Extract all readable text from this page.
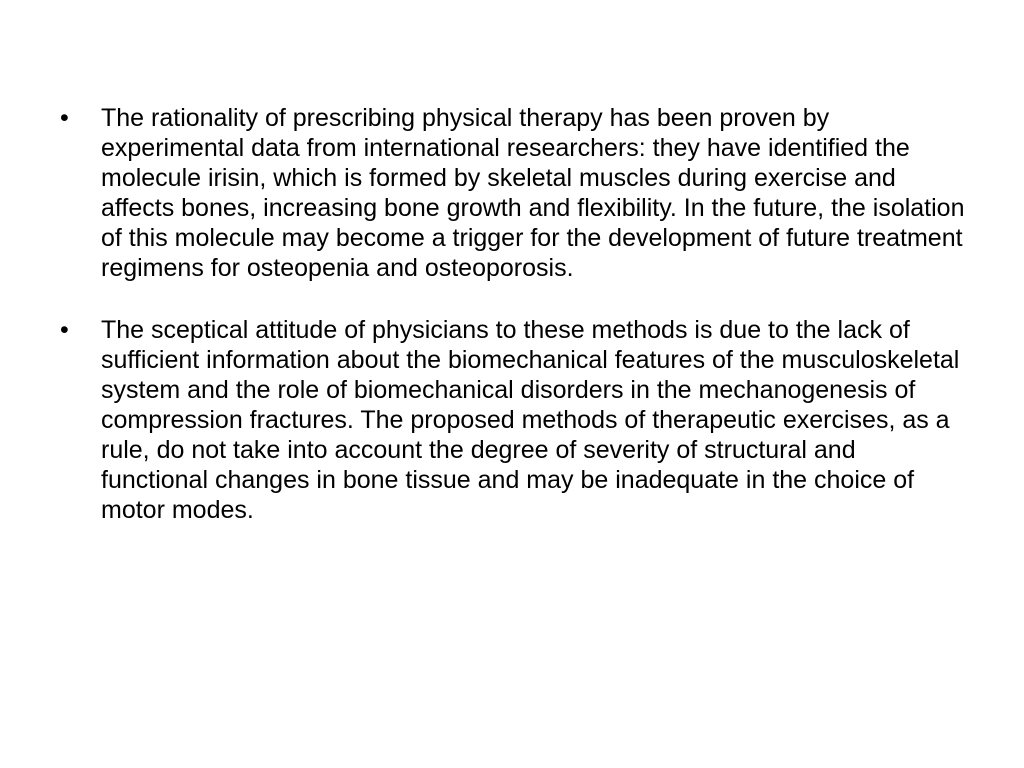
•	The rationality of prescribing physical therapy has been proven by experimental data from international researchers: they have identified the molecule irisin, which is formed by skeletal muscles during exercise and affects bones, increasing bone growth and flexibility. In the future, the isolation of this molecule may become a trigger for the development of future treatment regimens for osteopenia and osteoporosis.
•	The sceptical attitude of physicians to these methods is due to the lack of sufficient information about the biomechanical features of the musculoskeletal system and the role of biomechanical disorders in the mechanogenesis of compression fractures. The proposed methods of therapeutic exercises, as a rule, do not take into account the degree of severity of structural and functional changes in bone tissue and may be inadequate in the choice of motor modes.
